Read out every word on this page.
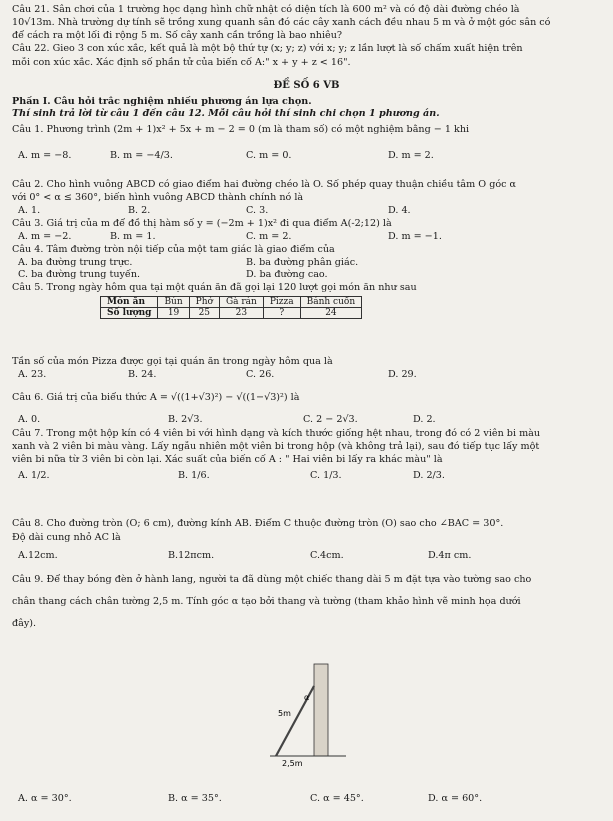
Câu 21. Sân chơi của 1 trường học dạng hình chữ nhật có diện tích là 600 m² và có độ dài đường chéo là
10√13m. Nhà trường dự tính sẽ trồng xung quanh sân đó các cây xanh cách đều nhau 5 m và ở một góc sân có
để cách ra một lối đi rộng 5 m. Số cây xanh cần trồng là bao nhiêu?
Câu 22. Gieo 3 con xúc xắc, kết quả là một bộ thứ tự (x; y; z) với x; y; z lần lượt là số chấm xuất hiện trên
mỗi con xúc xắc. Xác định số phần tử của biến cố A:" x + y + z < 16".
ĐỀ SỐ 6 VB
Phần I. Câu hỏi trắc nghiệm nhiều phương án lựa chọn.
Thí sinh trả lời từ câu 1 đến câu 12. Mỗi câu hỏi thí sinh chỉ chọn 1 phương án.
Câu 1. Phương trình (2m + 1)x² + 5x + m − 2 = 0 (m là tham số) có một nghiệm bằng − 1 khi
A. m = −8.	B. m = −4/3.	C. m = 0.	D. m = 2.
Câu 2. Cho hình vuông ABCD có giao điểm hai đường chéo là O. Số phép quay thuận chiều tâm O góc α
với 0° < α ≤ 360°, biến hình vuông ABCD thành chính nó là
A. 1.	B. 2.	C. 3.	D. 4.
Câu 3. Giá trị của m để đồ thị hàm số y = (−2m + 1)x² đi qua điểm A(-2;12) là
A. m = −2.	B. m = 1.	C. m = 2.	D. m = −1.
Câu 4. Tâm đường tròn nội tiếp của một tam giác là giao điểm của
A. ba đường trung trực.	B. ba đường phân giác.
C. ba đường trung tuyến.	D. ba đường cao.
Câu 5. Trong ngày hôm qua tại một quán ăn đã gọi lại 120 lượt gọi món ăn như sau
Món ăn	Bún	Phở	Gà rán	Pizza	Bánh cuốn
Số lượng	19	25	23	?	24
Tần số của món Pizza được gọi tại quán ăn trong ngày hôm qua là
A. 23.	B. 24.	C. 26.	D. 29.
Câu 6. Giá trị của biểu thức A = √((1+√3)²) − √((1−√3)²) là
A. 0.	B. 2√3.	C. 2 − 2√3.	D. 2.
Câu 7. Trong một hộp kín có 4 viên bi với hình dạng và kích thước giống hệt nhau, trong đó có 2 viên bi màu
xanh và 2 viên bi màu vàng. Lấy ngẫu nhiên một viên bi trong hộp (và không trả lại), sau đó tiếp tục lấy một
viên bi nữa từ 3 viên bi còn lại. Xác suất của biến cố A : " Hai viên bi lấy ra khác màu" là
A. 1/2.	B. 1/6.	C. 1/3.	D. 2/3.
Câu 8. Cho đường tròn (O; 6 cm), đường kính AB. Điểm C thuộc đường tròn (O) sao cho ∠BAC = 30°.
Độ dài cung nhỏ AC là
A.12cm.	B.12πcm.	C.4cm.	D.4π cm.
Câu 9. Để thay bóng đèn ở hành lang, người ta đã dùng một chiếc thang dài 5 m đặt tựa vào tường sao cho
chân thang cách chân tường 2,5 m. Tính góc α tạo bởi thang và tường (tham khảo hình vẽ minh họa dưới
đây).
5m
α
2,5m
A. α = 30°.	B. α = 35°.	C. α = 45°.	D. α = 60°.
